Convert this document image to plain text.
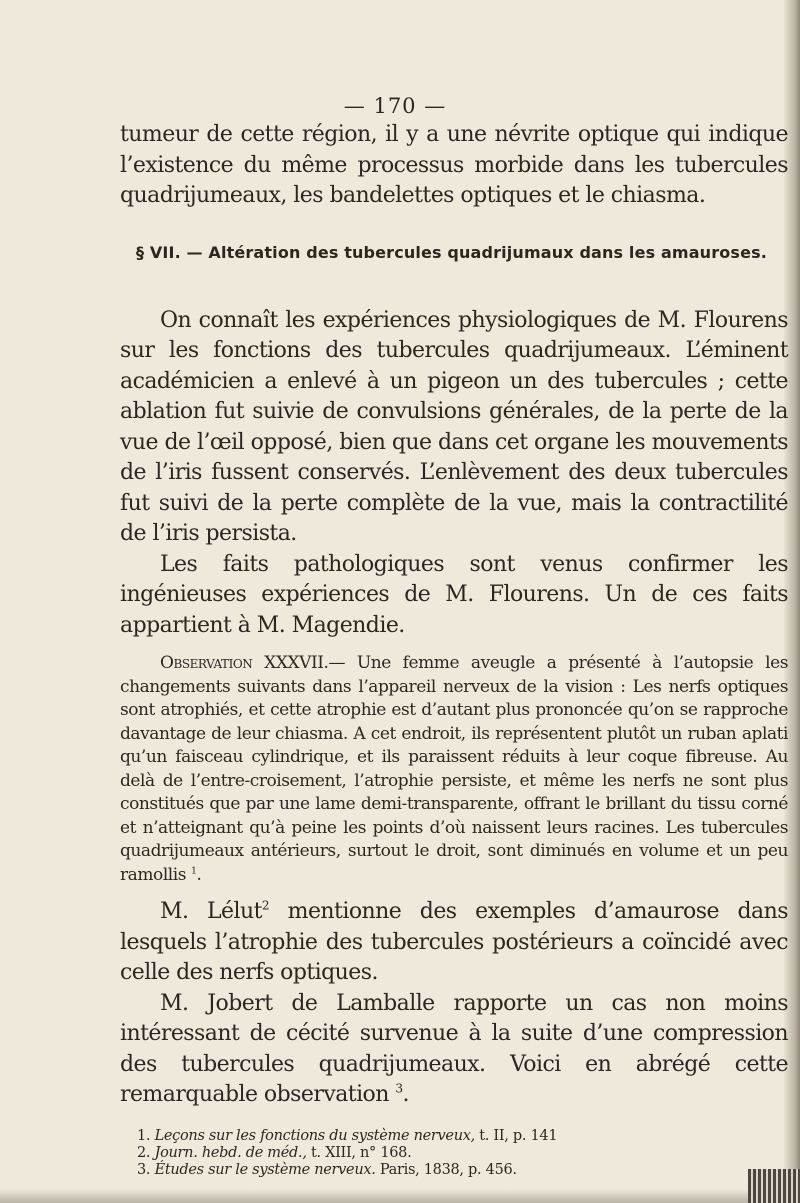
— 170 —

tumeur de cette région, il y a une névrite optique qui indique l’existence du même processus morbide dans les tubercules quadrijumeaux, les bandelettes optiques et le chiasma.

§ VII. — Altération des tubercules quadrijumaux dans les amauroses.

On connaît les expériences physiologiques de M. Flourens sur les fonctions des tubercules quadrijumeaux. L’éminent académicien a enlevé à un pigeon un des tubercules ; cette ablation fut suivie de convulsions générales, de la perte de la vue de l’œil opposé, bien que dans cet organe les mouvements de l’iris fussent conservés. L’enlèvement des deux tubercules fut suivi de la perte complète de la vue, mais la contractilité de l’iris persista.

Les faits pathologiques sont venus confirmer les ingénieuses expériences de M. Flourens. Un de ces faits appartient à M. Magendie.

Observation XXXVII.— Une femme aveugle a présenté à l’autopsie les changements suivants dans l’appareil nerveux de la vision : Les nerfs optiques sont atrophiés, et cette atrophie est d’autant plus prononcée qu’on se rapproche davantage de leur chiasma. A cet endroit, ils représentent plutôt un ruban aplati qu’un faisceau cylindrique, et ils paraissent réduits à leur coque fibreuse. Au delà de l’entre-croisement, l’atrophie persiste, et même les nerfs ne sont plus constitués que par une lame demi-transparente, offrant le brillant du tissu corné et n’atteignant qu’à peine les points d’où naissent leurs racines. Les tubercules quadrijumeaux antérieurs, surtout le droit, sont diminués en volume et un peu ramollis $^1$.

M. Lélut$^2$ mentionne des exemples d’amaurose dans lesquels l’atrophie des tubercules postérieurs a coïncidé avec celle des nerfs optiques.

M. Jobert de Lamballe rapporte un cas non moins intéressant de cécité survenue à la suite d’une compression des tubercules quadrijumeaux. Voici en abrégé cette remarquable observation $^3$.

1. Leçons sur les fonctions du système nerveux, t. II, p. 141

2. Journ. hebd. de méd., t. XIII, n° 168.

3. Études sur le système nerveux. Paris, 1838, p. 456.
